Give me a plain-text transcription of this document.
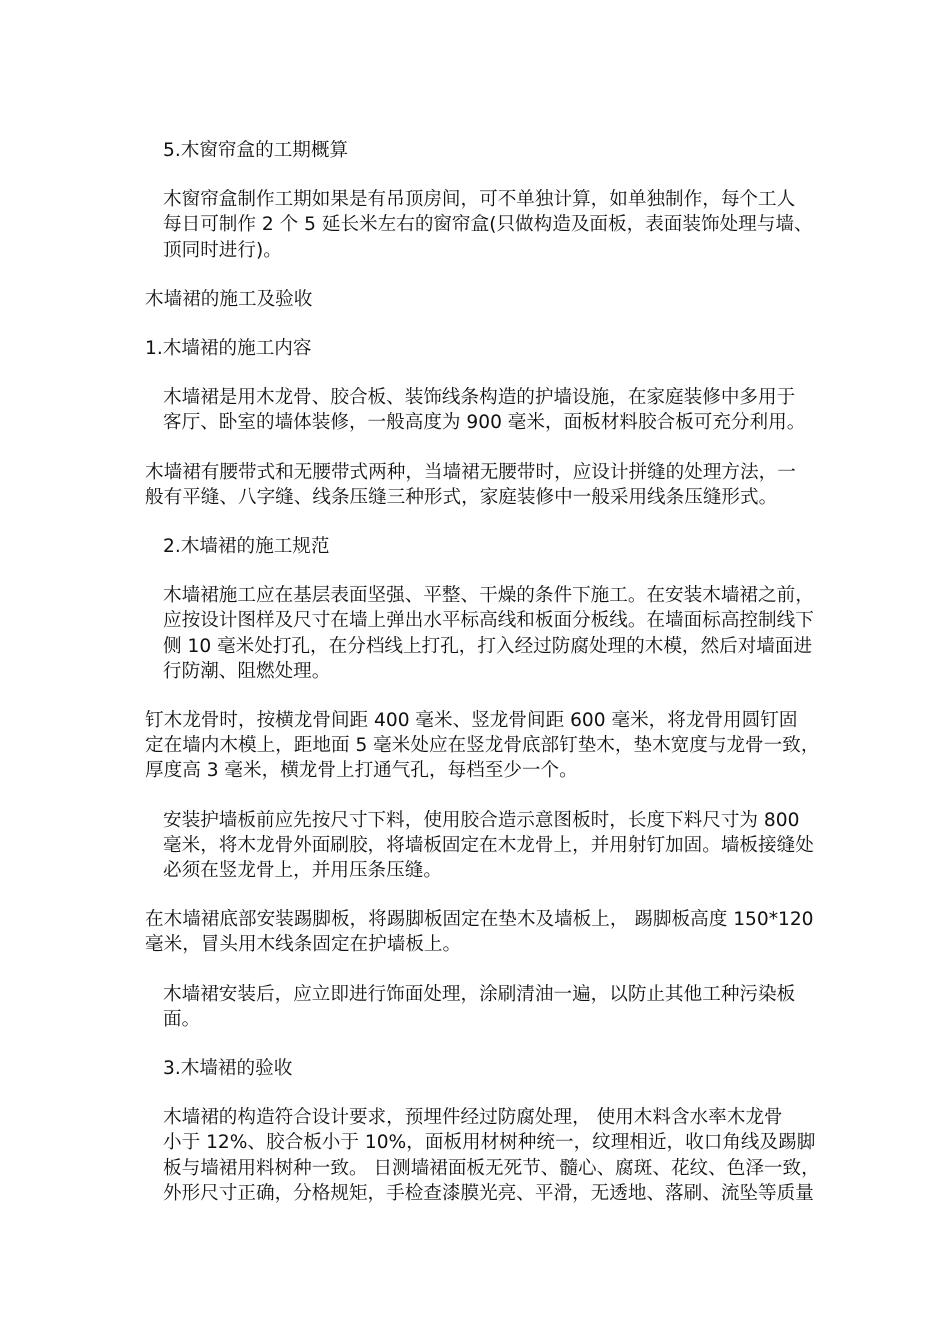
5.木窗帘盒的工期概算

木窗帘盒制作工期如果是有吊顶房间，可不单独计算，如单独制作，每个工人
每日可制作 2 个 5 延长米左右的窗帘盒(只做构造及面板，表面装饰处理与墙、
顶同时进行)。

木墙裙的施工及验收

1.木墙裙的施工内容

木墙裙是用木龙骨、胶合板、装饰线条构造的护墙设施，在家庭装修中多用于
客厅、卧室的墙体装修，一般高度为 900 毫米，面板材料胶合板可充分利用。

木墙裙有腰带式和无腰带式两种，当墙裙无腰带时，应设计拼缝的处理方法，一
般有平缝、八字缝、线条压缝三种形式，家庭装修中一般采用线条压缝形式。

2.木墙裙的施工规范

木墙裙施工应在基层表面坚强、平整、干燥的条件下施工。在安装木墙裙之前，
应按设计图样及尺寸在墙上弹出水平标高线和板面分板线。在墙面标高控制线下
侧 10 毫米处打孔，在分档线上打孔，打入经过防腐处理的木模，然后对墙面进
行防潮、阻燃处理。

钉木龙骨时，按横龙骨间距 400 毫米、竖龙骨间距 600 毫米，将龙骨用圆钉固
定在墙内木模上，距地面 5 毫米处应在竖龙骨底部钉垫木，垫木宽度与龙骨一致，
厚度高 3 毫米，横龙骨上打通气孔，每档至少一个。

安装护墙板前应先按尺寸下料，使用胶合造示意图板时，长度下料尺寸为 800
毫米，将木龙骨外面刷胶，将墙板固定在木龙骨上，并用射钉加固。墙板接缝处
必须在竖龙骨上，并用压条压缝。

在木墙裙底部安装踢脚板，将踢脚板固定在垫木及墙板上， 踢脚板高度 150*120
毫米，冒头用木线条固定在护墙板上。

木墙裙安装后，应立即进行饰面处理，涂刷清油一遍，以防止其他工种污染板
面。

3.木墙裙的验收

木墙裙的构造符合设计要求，预埋件经过防腐处理， 使用木料含水率木龙骨
小于 12%、胶合板小于 10%，面板用材树种统一，纹理相近，收口角线及踢脚
板与墙裙用料树种一致。 日测墙裙面板无死节、髓心、腐斑、花纹、色泽一致，
外形尺寸正确，分格规矩，手检查漆膜光亮、平滑，无透地、落刷、流坠等质量
